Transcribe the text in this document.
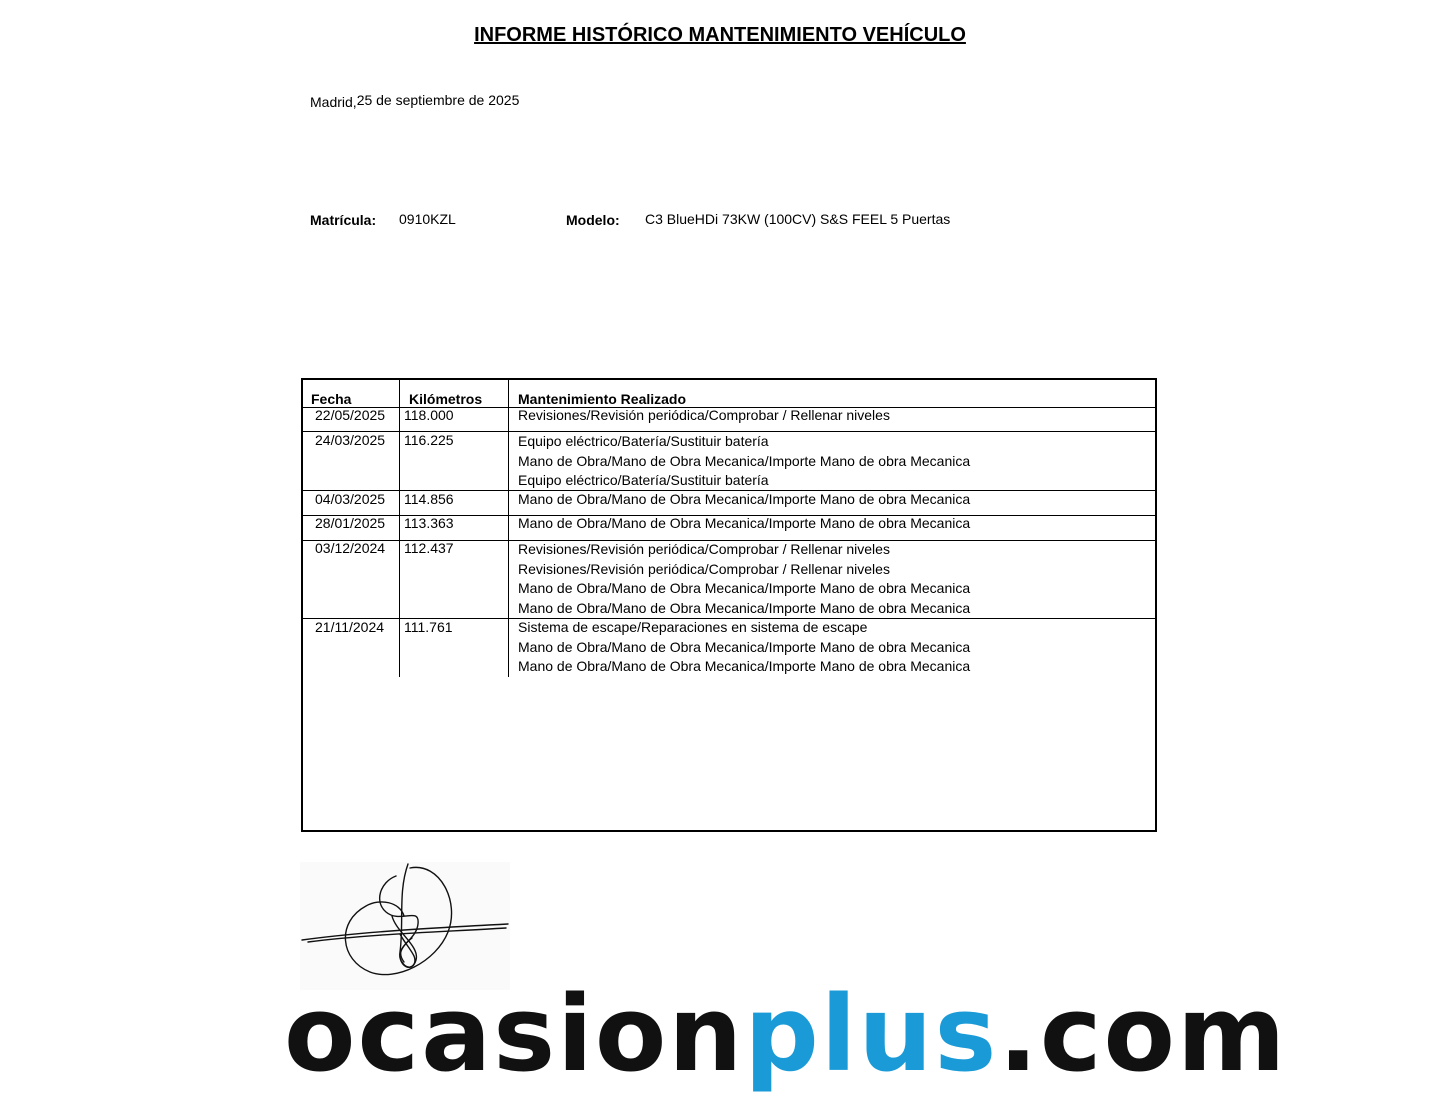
INFORME HISTÓRICO MANTENIMIENTO VEHÍCULO
Madrid,25 de septiembre de 2025
Matrícula: 0910KZL	Modelo: C3 BlueHDi 73KW (100CV) S&S FEEL 5 Puertas
Fecha	Kilómetros	Mantenimiento Realizado
22/05/2025 118.000	Revisiones/Revisión periódica/Comprobar / Rellenar niveles
24/03/2025 116.225	Equipo eléctrico/Batería/Sustituir batería
Mano de Obra/Mano de Obra Mecanica/Importe Mano de obra Mecanica
Equipo eléctrico/Batería/Sustituir batería
04/03/2025 114.856	Mano de Obra/Mano de Obra Mecanica/Importe Mano de obra Mecanica
28/01/2025 113.363	Mano de Obra/Mano de Obra Mecanica/Importe Mano de obra Mecanica
03/12/2024 112.437	Revisiones/Revisión periódica/Comprobar / Rellenar niveles
Revisiones/Revisión periódica/Comprobar / Rellenar niveles
Mano de Obra/Mano de Obra Mecanica/Importe Mano de obra Mecanica
Mano de Obra/Mano de Obra Mecanica/Importe Mano de obra Mecanica
21/11/2024 111.761	Sistema de escape/Reparaciones en sistema de escape
Mano de Obra/Mano de Obra Mecanica/Importe Mano de obra Mecanica
Mano de Obra/Mano de Obra Mecanica/Importe Mano de obra Mecanica
ocasionplus.com
